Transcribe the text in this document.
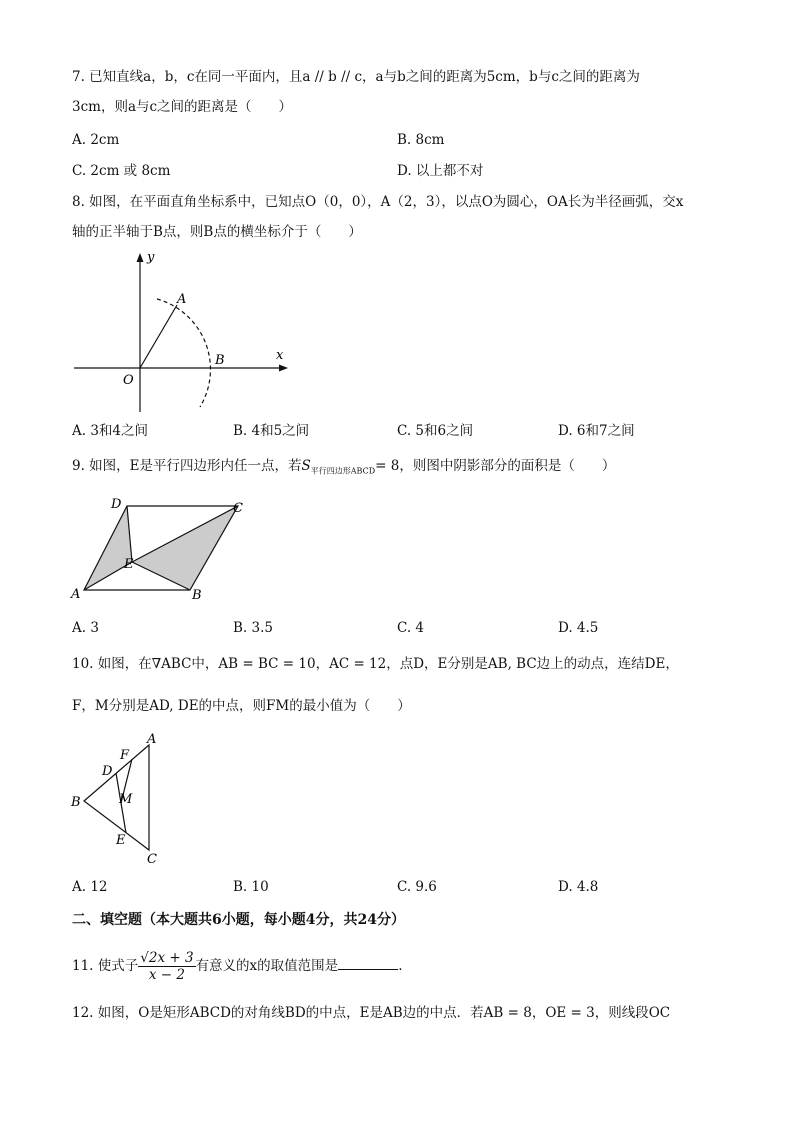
7. 已知直线a，b，c在同一平面内，且a // b // c，a与b之间的距离为5cm，b与c之间的距离为
3cm，则a与c之间的距离是（　　）
A. 2cm	B. 8cm
C. 2cm 或 8cm	D. 以上都不对
8. 如图，在平面直角坐标系中，已知点O（0，0），A（2，3），以点O为圆心，OA长为半径画弧，交x
轴的正半轴于B点，则B点的横坐标介于（　　）
y
x
A
B
O
A. 3和4之间	B. 4和5之间	C. 5和6之间	D. 6和7之间
9. 如图，E是平行四边形内任一点，若$S_{平行四边形ABCD}= 8$，则图中阴影部分的面积是（　　）
D	C
E
A	B
A. 3	B. 3.5	C. 4	D. 4.5
10. 如图，在∇ABC中，AB = BC = 10，AC = 12，点D，E分别是AB, BC边上的动点，连结DE，
F，M分别是AD, DE的中点，则FM的最小值为（　　）
A
F
D
M
B
E
C
A. 12	B. 10	C. 9.6	D. 4.8
二、填空题（本大题共6小题，每小题4分，共24分）
11. 使式子 $\frac{√2x + 3}{x - 2}$ 有意义的x的取值范围是	.
12. 如图，O是矩形ABCD的对角线BD的中点，E是AB边的中点．若AB = 8，OE = 3，则线段OC
